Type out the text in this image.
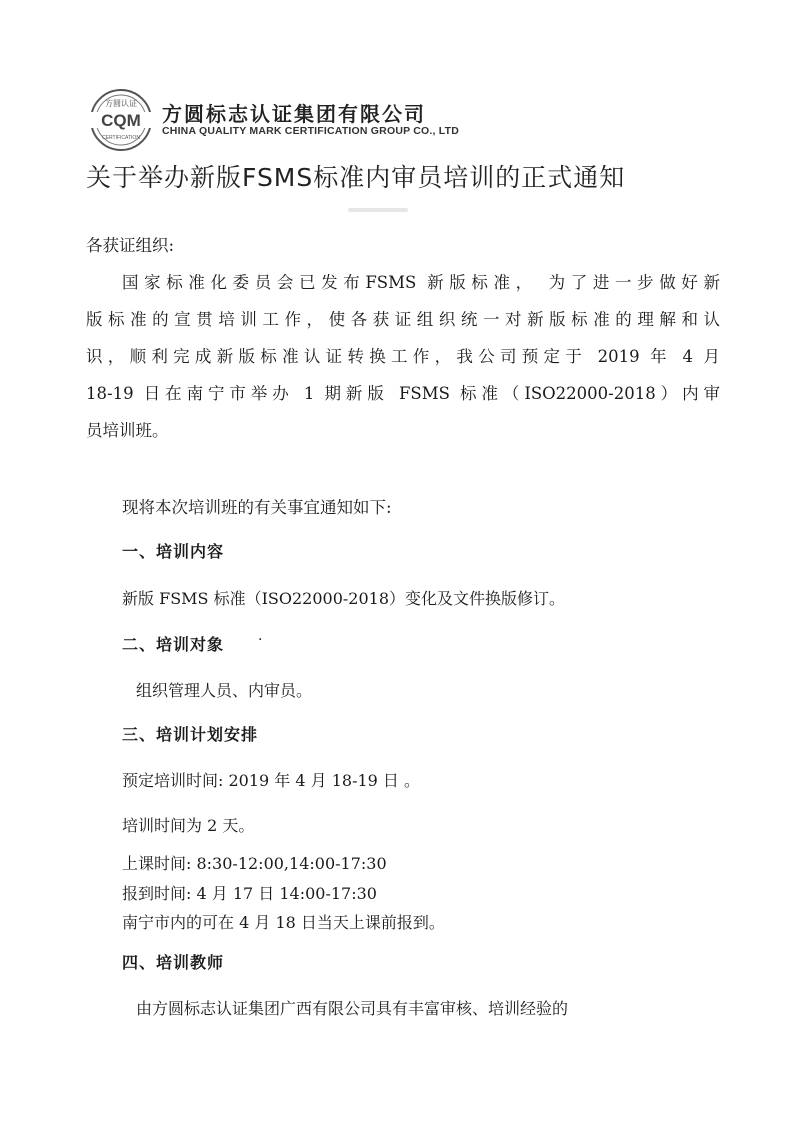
方圆认证
CQM
CERTIFICATION
方圆标志认证集团有限公司
CHINA QUALITY MARK CERTIFICATION GROUP CO., LTD
关于举办新版FSMS标准内审员培训的正式通知
各获证组织:
国家标准化委员会已发布FSMS 新版标准， 为了进一步做好新
版标准的宣贯培训工作，使各获证组织统一对新版标准的理解和认
识，顺利完成新版标准认证转换工作，我公司预定于 2019 年 4 月
18-19 日在南宁市举办 1 期新版 FSMS 标准（ISO22000-2018）内审
员培训班。
现将本次培训班的有关事宜通知如下:
一、培训内容
新版 FSMS 标准（ISO22000-2018）变化及文件换版修订。
二、培训对象 .
组织管理人员、内审员。
三、培训计划安排
预定培训时间: 2019 年 4 月 18-19 日 。
培训时间为 2 天。
上课时间: 8:30-12:00,14:00-17:30
报到时间: 4 月 17 日 14:00-17:30
南宁市内的可在 4 月 18 日当天上课前报到。
四、培训教师
由方圆标志认证集团广西有限公司具有丰富审核、培训经验的
